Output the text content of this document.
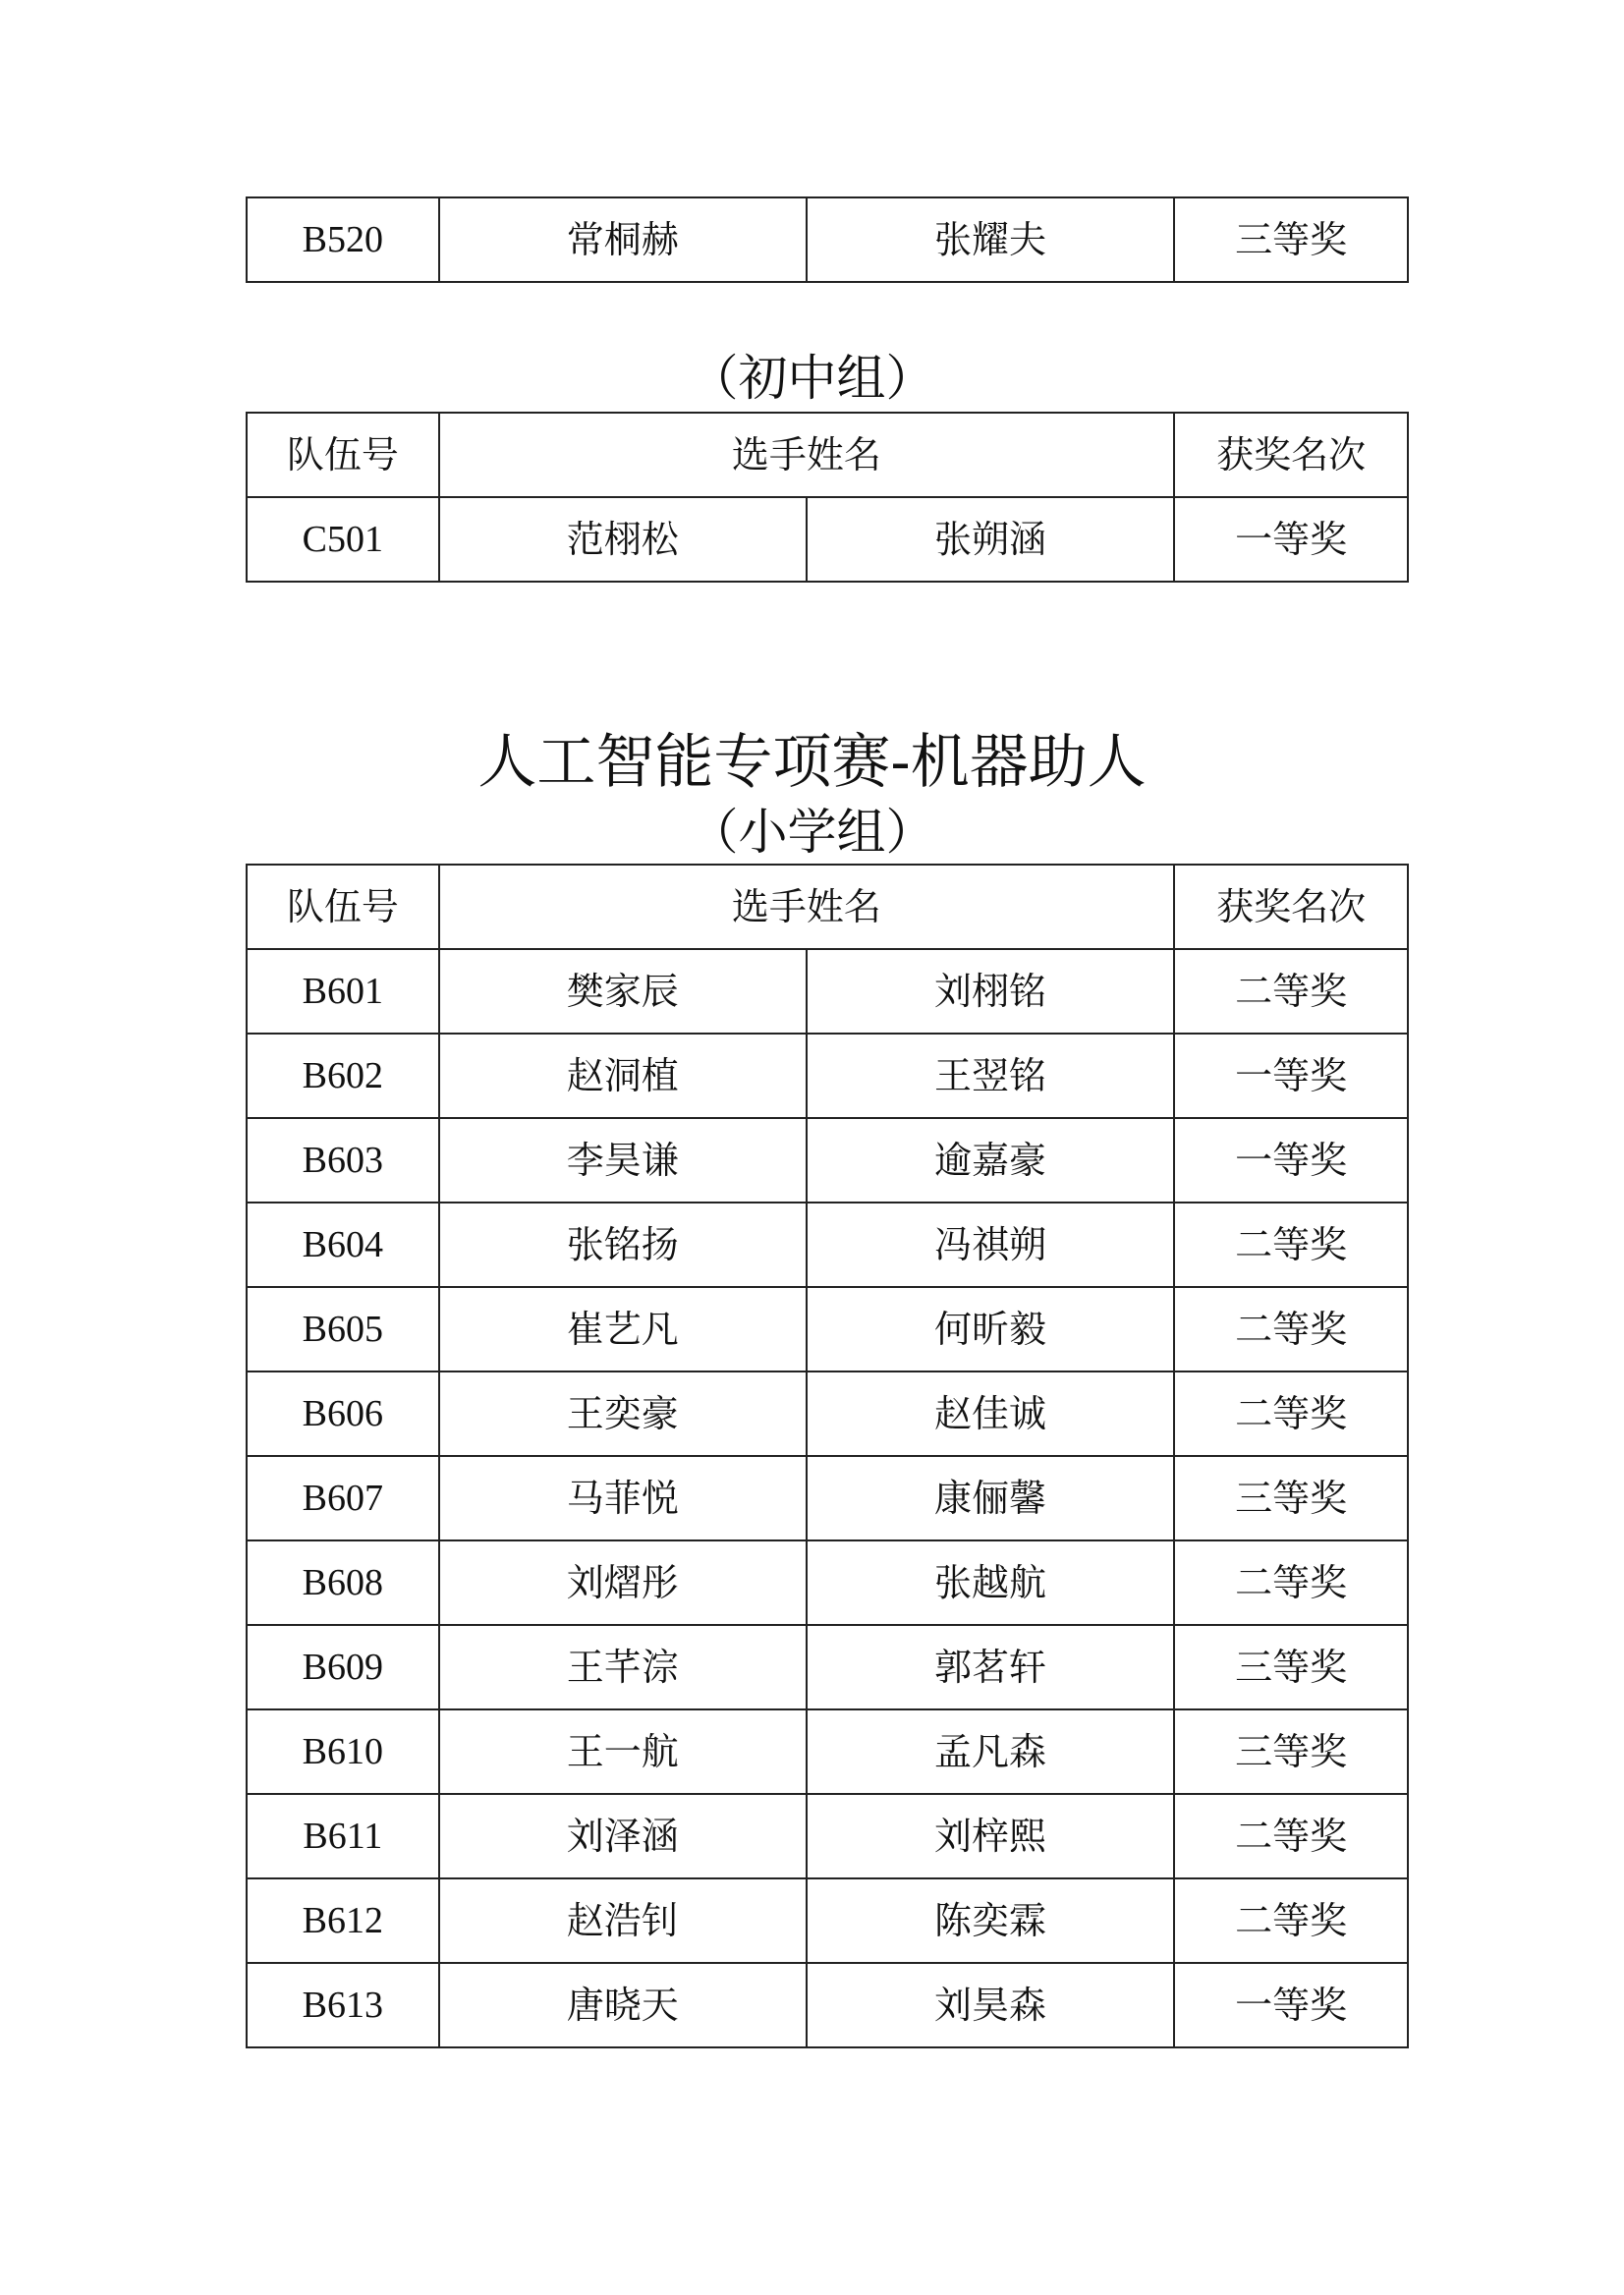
B520	常桐赫	张耀夫	三等奖
（初中组）
队伍号	选手姓名		获奖名次
C501	范栩松	张朔涵	一等奖
人工智能专项赛-机器助人
（小学组）
队伍号	选手姓名		获奖名次
B601	樊家辰	刘栩铭	二等奖
B602	赵洞植	王翌铭	一等奖
B603	李昊谦	逾嘉豪	一等奖
B604	张铭扬	冯祺朔	二等奖
B605	崔艺凡	何昕毅	二等奖
B606	王奕豪	赵佳诚	二等奖
B607	马菲悦	康俪馨	三等奖
B608	刘熠彤	张越航	二等奖
B609	王芊淙	郭茗轩	三等奖
B610	王一航	孟凡森	三等奖
B611	刘泽涵	刘梓熙	二等奖
B612	赵浩钊	陈奕霖	二等奖
B613	唐晓天	刘昊森	一等奖
